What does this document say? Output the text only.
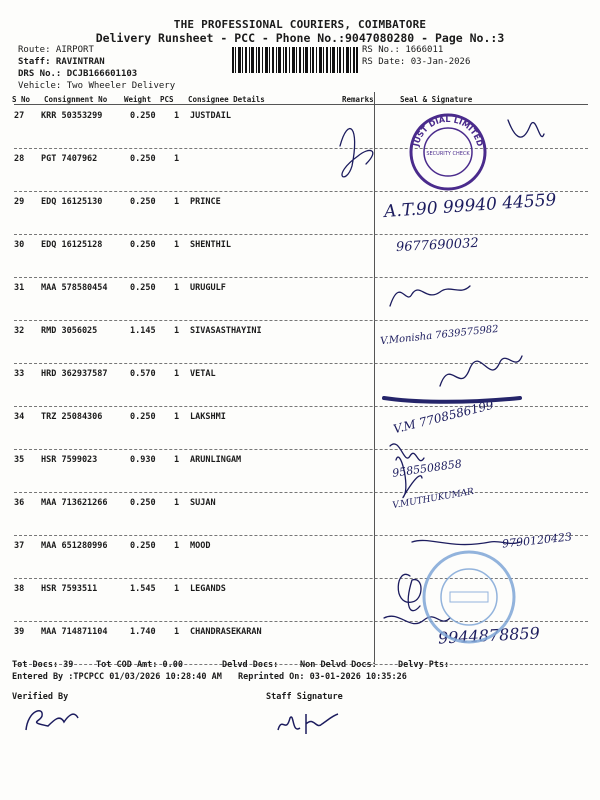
THE PROFESSIONAL COURIERS, COIMBATORE
Delivery Runsheet - PCC - Phone No.:9047080280 - Page No.:3
Route: AIRPORT
Staff: RAVINTRAN
DRS No.: DCJB166601103
Vehicle: Two Wheeler Delivery
RS No.: 1666011
RS Date: 03-Jan-2026
S No Consignment No Weight PCS Consignee Details	Remarks	Seal & Signature
27 KRR 50353299	0.250 1 JUSTDAIL
28 PGT 7407962	0.250 1
29 EDQ 16125130	0.250 1 PRINCE
30 EDQ 16125128	0.250 1 SHENTHIL
31 MAA 578580454	0.250 1 URUGULF
32 RMD 3056025	1.145 1 SIVASASTHAYINI
33 HRD 362937587	0.570 1 VETAL
34 TRZ 25084306	0.250 1 LAKSHMI
35 HSR 7599023	0.930 1 ARUNLINGAM
36 MAA 713621266	0.250 1 SUJAN
37 MAA 651280996	0.250 1 MOOD
38 HSR 7593511	1.545 1 LEGANDS
39 MAA 714871104	1.740 1 CHANDRASEKARAN
A.T.90 99940 44559
9677690032
V.Monisha 7639575982
V.M 7708586199
9585508858
V.MUTHUKUMAR
9790120423
9944878859
JUST DIAL LIMITED
SECURITY CHECK
Tot Docs: 39	Tot COD Amt: 0.00	Delvd Docs:	Non Delvd Docs: Delvy Pts:
Entered By :TPCPCC 01/03/2026 10:28:40 AM Reprinted On: 03-01-2026 10:35:26
Verified By	Staff Signature
